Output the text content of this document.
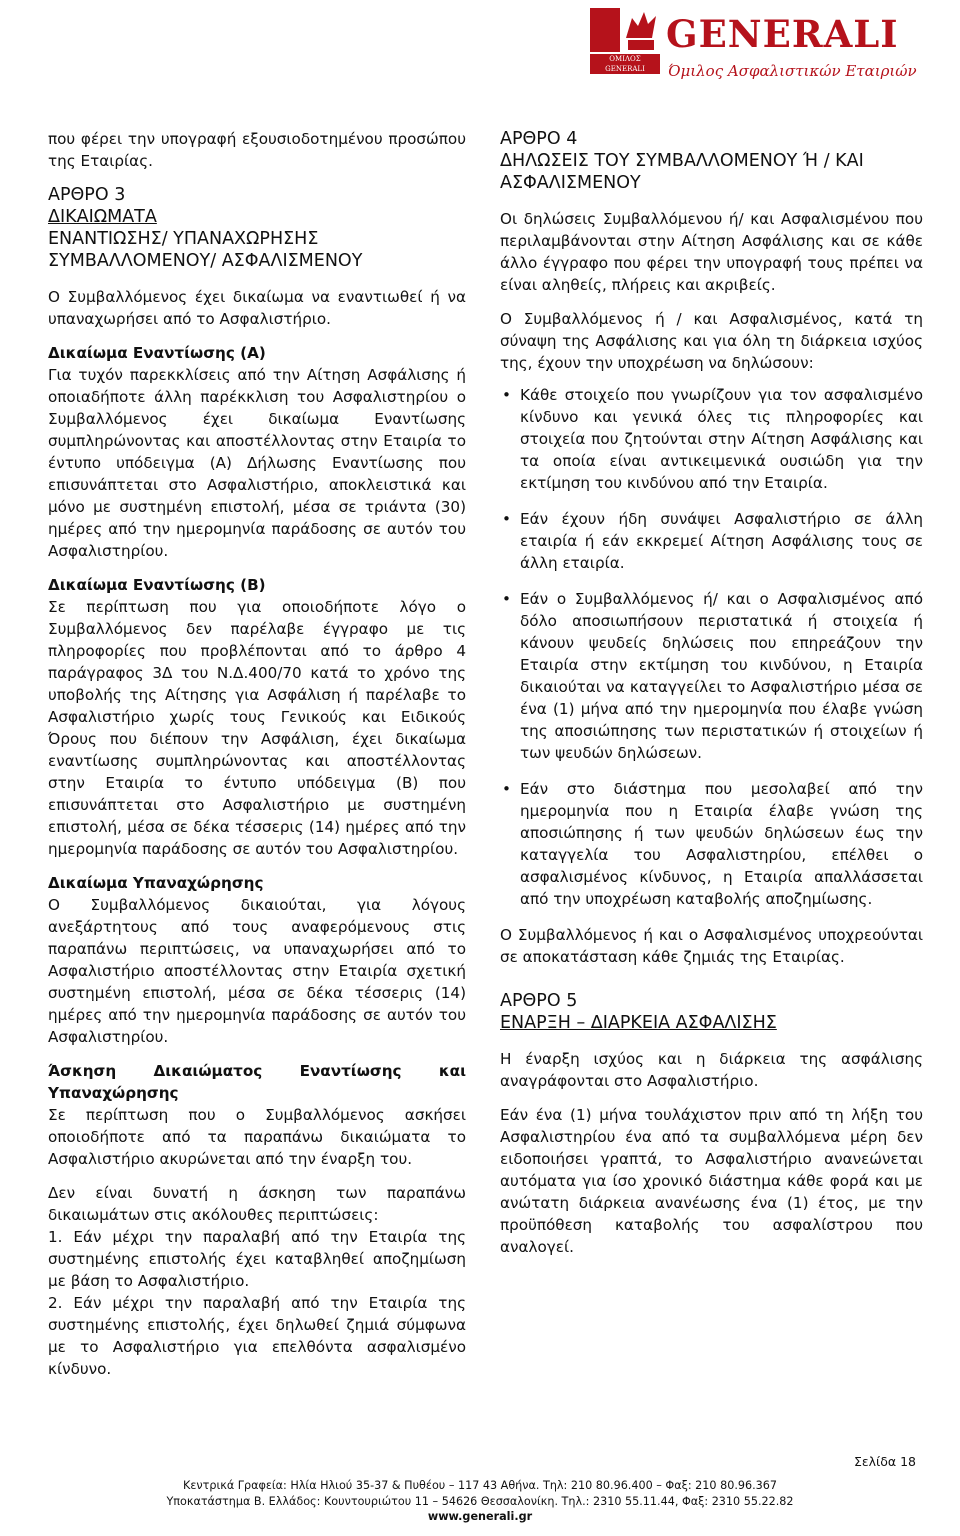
ΟΜΙΛΟΣ GENERALI
GENERALI
Όμιλος Ασφαλιστικών Εταιριών

που φέρει την υπογραφή εξουσιοδοτημένου προσώπου της Εταιρίας.

ΑΡΘΡΟ 3
ΔΙΚΑΙΩΜΑΤΑ
ΕΝΑΝΤΙΩΣΗΣ/ ΥΠΑΝΑΧΩΡΗΣΗΣ
ΣΥΜΒΑΛΛΟΜΕΝΟΥ/ ΑΣΦΑΛΙΣΜΕΝΟΥ

Ο Συμβαλλόμενος έχει δικαίωμα να εναντιωθεί ή να υπαναχωρήσει από το Ασφαλιστήριο.

Δικαίωμα Εναντίωσης (Α)

Για τυχόν παρεκκλίσεις από την Αίτηση Ασφάλισης ή οποιαδήποτε άλλη παρέκκλιση του Ασφαλιστηρίου ο Συμβαλλόμενος έχει δικαίωμα Εναντίωσης συμπληρώνοντας και αποστέλλοντας στην Εταιρία το έντυπο υπόδειγμα (Α) Δήλωσης Εναντίωσης που επισυνάπτεται στο Ασφαλιστήριο, αποκλειστικά και μόνο με συστημένη επιστολή, μέσα σε τριάντα (30) ημέρες από την ημερομηνία παράδοσης σε αυτόν του Ασφαλιστηρίου.

Δικαίωμα Εναντίωσης (Β)

Σε περίπτωση που για οποιοδήποτε λόγο ο Συμβαλλόμενος δεν παρέλαβε έγγραφο με τις πληροφορίες που προβλέπονται από το άρθρο 4 παράγραφος 3Δ του Ν.Δ.400/70 κατά το χρόνο της υποβολής της Αίτησης για Ασφάλιση ή παρέλαβε το Ασφαλιστήριο χωρίς τους Γενικούς και Ειδικούς Όρους που διέπουν την Ασφάλιση, έχει δικαίωμα εναντίωσης συμπληρώνοντας και αποστέλλοντας στην Εταιρία το έντυπο υπόδειγμα (Β) που επισυνάπτεται στο Ασφαλιστήριο με συστημένη επιστολή, μέσα σε δέκα τέσσερις (14) ημέρες από την ημερομηνία παράδοσης σε αυτόν του Ασφαλιστηρίου.

Δικαίωμα Υπαναχώρησης

Ο Συμβαλλόμενος δικαιούται, για λόγους ανεξάρτητους από τους αναφερόμενους στις παραπάνω περιπτώσεις, να υπαναχωρήσει από το Ασφαλιστήριο αποστέλλοντας στην Εταιρία σχετική συστημένη επιστολή, μέσα σε δέκα τέσσερις (14) ημέρες από την ημερομηνία παράδοσης σε αυτόν του Ασφαλιστηρίου.

Άσκηση Δικαιώματος Εναντίωσης και Υπαναχώρησης

Σε περίπτωση που ο Συμβαλλόμενος ασκήσει οποιοδήποτε από τα παραπάνω δικαιώματα το Ασφαλιστήριο ακυρώνεται από την έναρξη του.

Δεν είναι δυνατή η άσκηση των παραπάνω δικαιωμάτων στις ακόλουθες περιπτώσεις:

1. Εάν μέχρι την παραλαβή από την Εταιρία της συστημένης επιστολής έχει καταβληθεί αποζημίωση με βάση το Ασφαλιστήριο.

2. Εάν μέχρι την παραλαβή από την Εταιρία της συστημένης επιστολής, έχει δηλωθεί ζημιά σύμφωνα με το Ασφαλιστήριο για επελθόντα ασφαλισμένο κίνδυνο.

ΑΡΘΡΟ 4
ΔΗΛΩΣΕΙΣ ΤΟΥ ΣΥΜΒΑΛΛΟΜΕΝΟΥ Ή / ΚΑΙ ΑΣΦΑΛΙΣΜΕΝΟΥ

Οι δηλώσεις Συμβαλλόμενου ή/ και Ασφαλισμένου που περιλαμβάνονται στην Αίτηση Ασφάλισης και σε κάθε άλλο έγγραφο που φέρει την υπογραφή τους πρέπει να είναι αληθείς, πλήρεις και ακριβείς.

Ο Συμβαλλόμενος ή / και Ασφαλισμένος, κατά τη σύναψη της Ασφάλισης και για όλη τη διάρκεια ισχύος της, έχουν την υποχρέωση να δηλώσουν:

• Κάθε στοιχείο που γνωρίζουν για τον ασφαλισμένο κίνδυνο και γενικά όλες τις πληροφορίες και στοιχεία που ζητούνται στην Αίτηση Ασφάλισης και τα οποία είναι αντικειμενικά ουσιώδη για την εκτίμηση του κινδύνου από την Εταιρία.
• Εάν έχουν ήδη συνάψει Ασφαλιστήριο σε άλλη εταιρία ή εάν εκκρεμεί Αίτηση Ασφάλισης τους σε άλλη εταιρία.
• Εάν ο Συμβαλλόμενος ή/ και ο Ασφαλισμένος από δόλο αποσιωπήσουν περιστατικά ή στοιχεία ή κάνουν ψευδείς δηλώσεις που επηρεάζουν την Εταιρία στην εκτίμηση του κινδύνου, η Εταιρία δικαιούται να καταγγείλει το Ασφαλιστήριο μέσα σε ένα (1) μήνα από την ημερομηνία που έλαβε γνώση της αποσιώπησης των περιστατικών ή στοιχείων ή των ψευδών δηλώσεων.
• Εάν στο διάστημα που μεσολαβεί από την ημερομηνία που η Εταιρία έλαβε γνώση της αποσιώπησης ή των ψευδών δηλώσεων έως την καταγγελία του Ασφαλιστηρίου, επέλθει ο ασφαλισμένος κίνδυνος, η Εταιρία απαλλάσσεται από την υποχρέωση καταβολής αποζημίωσης.

Ο Συμβαλλόμενος ή και ο Ασφαλισμένος υποχρεούνται σε αποκατάσταση κάθε ζημιάς της Εταιρίας.

ΑΡΘΡΟ 5
ΕΝΑΡΞΗ – ΔΙΑΡΚΕΙΑ ΑΣΦΑΛΙΣΗΣ

Η έναρξη ισχύος και η διάρκεια της ασφάλισης αναγράφονται στο Ασφαλιστήριο.

Εάν ένα (1) μήνα τουλάχιστον πριν από τη λήξη του Ασφαλιστηρίου ένα από τα συμβαλλόμενα μέρη δεν ειδοποιήσει γραπτά, το Ασφαλιστήριο ανανεώνεται αυτόματα για ίσο χρονικό διάστημα κάθε φορά και με ανώτατη διάρκεια ανανέωσης ένα (1) έτος, με την προϋπόθεση καταβολής του ασφαλίστρου που αναλογεί.

Σελίδα 18
Κεντρικά Γραφεία: Ηλία Ηλιού 35-37 & Πυθέου – 117 43 Αθήνα. Τηλ: 210 80.96.400 – Φαξ: 210 80.96.367
Υποκατάστημα Β. Ελλάδος: Κουντουριώτου 11 – 54626 Θεσσαλονίκη. Τηλ.: 2310 55.11.44, Φαξ: 2310 55.22.82
www.generali.gr
